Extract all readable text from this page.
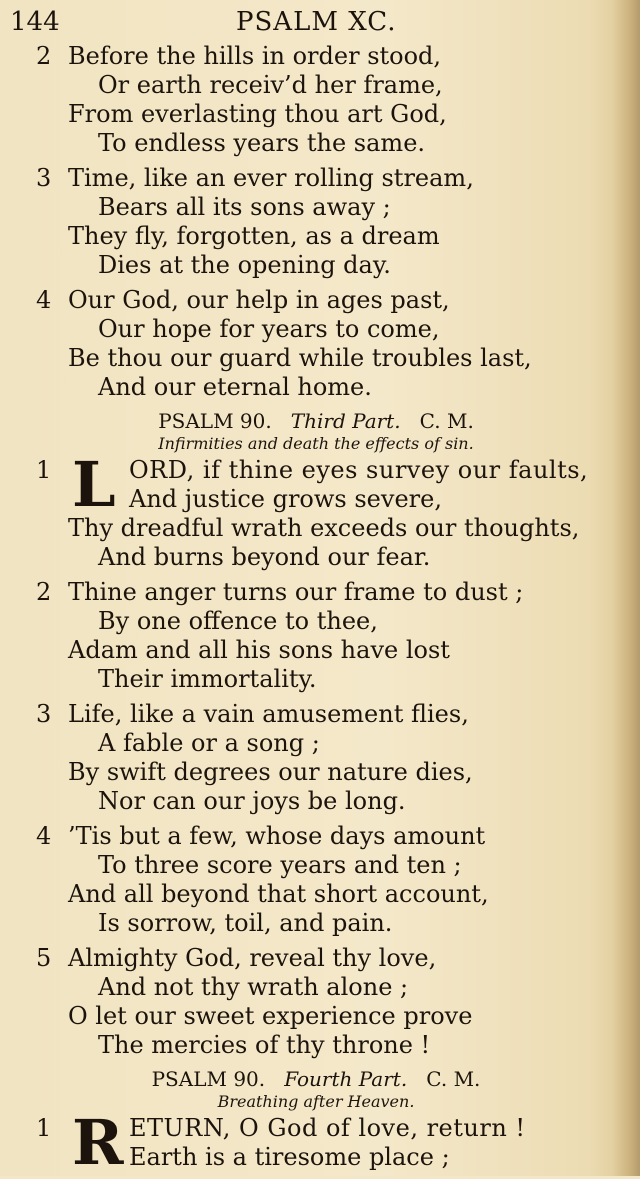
144	PSALM XC.
2 Before the hills in order stood,
Or earth receiv’d her frame,
From everlasting thou art God,
To endless years the same.
3 Time, like an ever rolling stream,
Bears all its sons away ;
They fly, forgotten, as a dream
Dies at the opening day.
4 Our God, our help in ages past,
Our hope for years to come,
Be thou our guard while troubles last,
And our eternal home.
PSALM 90. Third Part. C. M.
Infirmities and death the effects of sin.
1 L ORD, if thine eyes survey our faults,
And justice grows severe,
Thy dreadful wrath exceeds our thoughts,
And burns beyond our fear.
2 Thine anger turns our frame to dust ;
By one offence to thee,
Adam and all his sons have lost
Their immortality.
3 Life, like a vain amusement flies,
A fable or a song ;
By swift degrees our nature dies,
Nor can our joys be long.
4 ’Tis but a few, whose days amount
To three score years and ten ;
And all beyond that short account,
Is sorrow, toil, and pain.
5 Almighty God, reveal thy love,
And not thy wrath alone ;
O let our sweet experience prove
The mercies of thy throne !
PSALM 90. Fourth Part. C. M.
Breathing after Heaven.
1 R ETURN, O God of love, return !
Earth is a tiresome place ;
